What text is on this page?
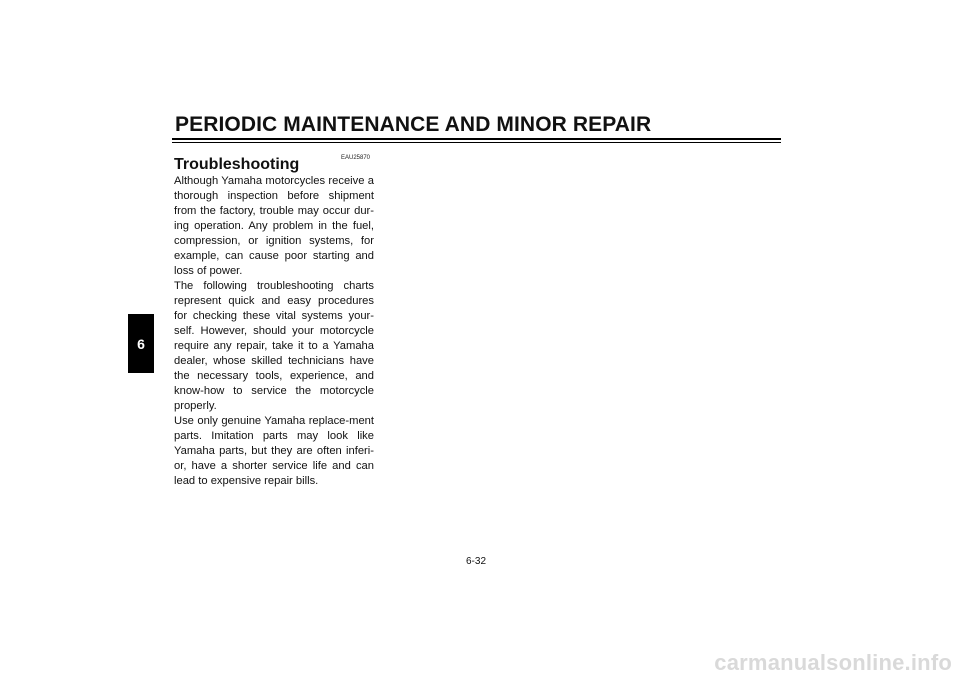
PERIODIC MAINTENANCE AND MINOR REPAIR
6
EAU25870
Troubleshooting

Although Yamaha motorcycles receive a thorough inspection before shipment from the factory, trouble may occur dur-ing operation. Any problem in the fuel, compression, or ignition systems, for example, can cause poor starting and loss of power.

The following troubleshooting charts represent quick and easy procedures for checking these vital systems your-self. However, should your motorcycle require any repair, take it to a Yamaha dealer, whose skilled technicians have the necessary tools, experience, and know-how to service the motorcycle properly.

Use only genuine Yamaha replace-ment parts. Imitation parts may look like Yamaha parts, but they are often inferi-or, have a shorter service life and can lead to expensive repair bills.

6-32
carmanualsonline.info
